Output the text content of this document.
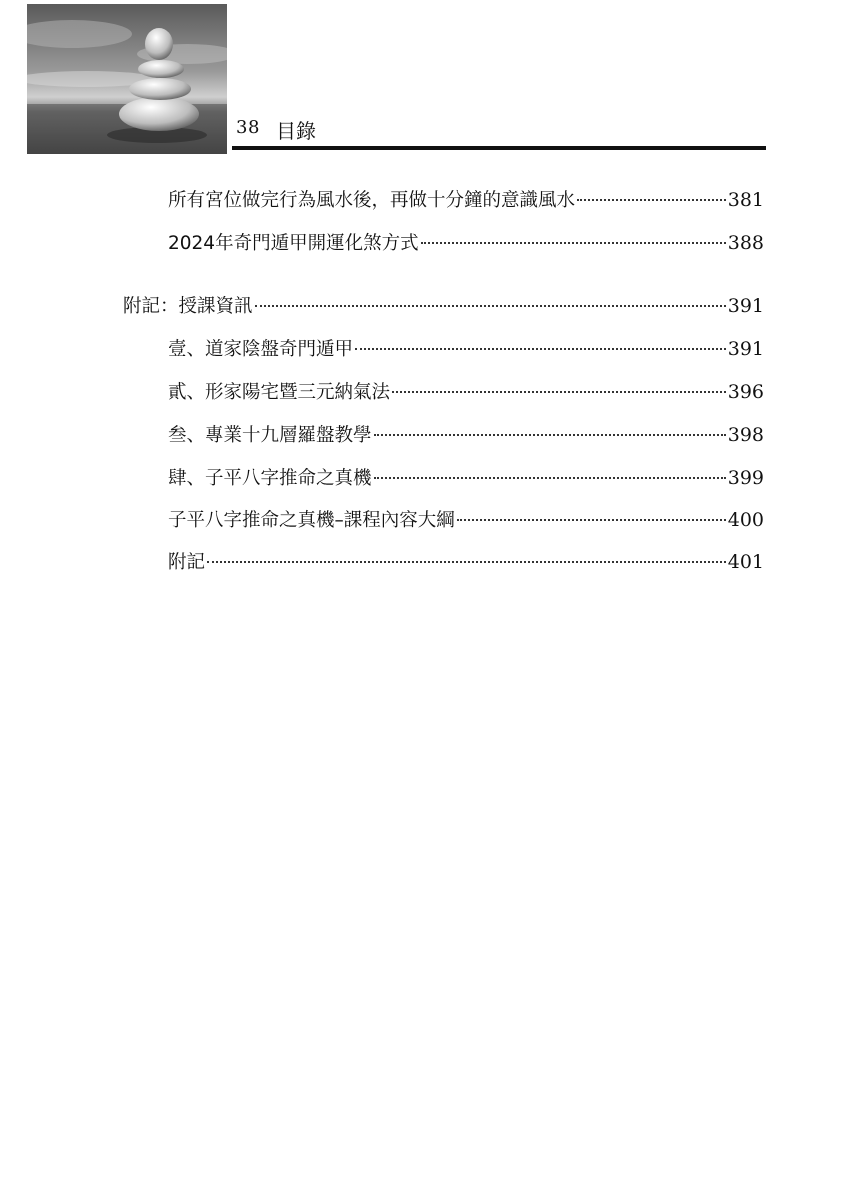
38 目錄
所有宮位做完行為風水後，再做十分鐘的意識風水	381
2024年奇門遁甲開運化煞方式	388
附記：授課資訊	391
壹、道家陰盤奇門遁甲	391
貳、形家陽宅暨三元納氣法	396
叁、專業十九層羅盤教學	398
肆、子平八字推命之真機	399
子平八字推命之真機–課程內容大綱	400
附記	401
